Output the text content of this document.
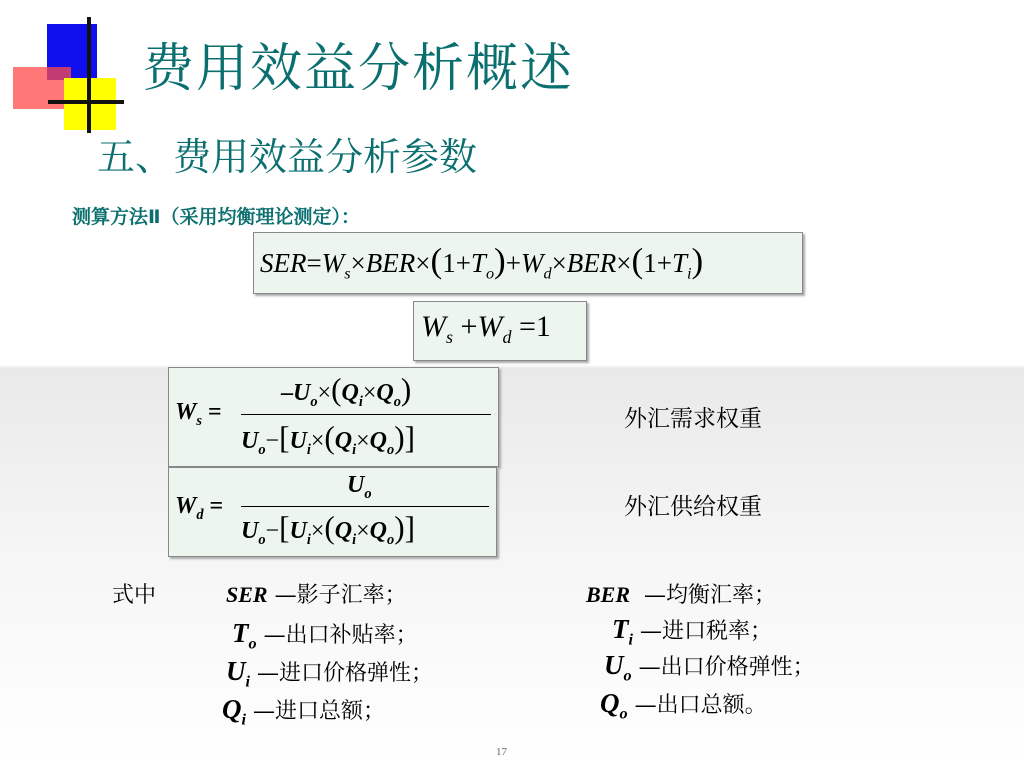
费用效益分析概述
五、费用效益分析参数
测算方法Ⅱ（采用均衡理论测定）：
$SER=W_s\times BER\times(1+T_o)+W_d\times BER\times(1+T_i)$
$W_s +W_d =1$
$W_s$ =
$-U_o\times(Q_i\times Q_o)$
$U_o-[U_i\times(Q_i\times Q_o)]$
$W_d$ =
$U_o$
$U_o-[U_i\times(Q_i\times Q_o)]$
外汇需求权重
外汇供给权重
式中	SER —影子汇率；	BER —均衡汇率；
$T_o$ —出口补贴率；	$T_i$ —进口税率；
$U_i$ —进口价格弹性；	$U_o$ —出口价格弹性；
$Q_i$ —进口总额；	$Q_o$ —出口总额。
17
